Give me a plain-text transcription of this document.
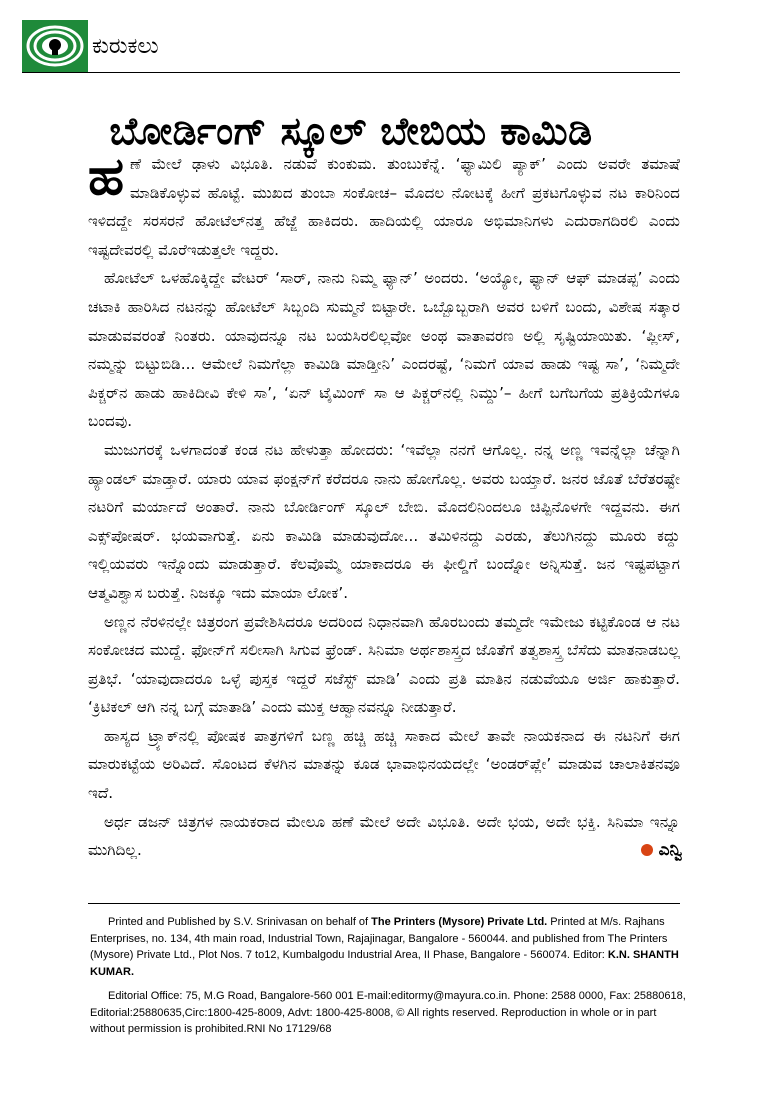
ಕುರುಕಲು
ಬೋರ್ಡಿಂಗ್ ಸ್ಕೂಲ್ ಬೇಬಿಯ ಕಾಮಿಡಿ

ಹಣೆ ಮೇಲೆ ಢಾಳು ವಿಭೂತಿ. ನಡುವೆ ಕುಂಕುಮ. ತುಂಬುಕೆನ್ನೆ. ‘ಫ್ಯಾಮಿಲಿ ಪ್ಯಾಕ್’ ಎಂದು ಅವರೇ ತಮಾಷೆ ಮಾಡಿಕೊಳ್ಳುವ ಹೊಟ್ಟೆ. ಮುಖದ ತುಂಬಾ ಸಂಕೋಚ– ಮೊದಲ ನೋಟಕ್ಕೆ ಹೀಗೆ ಪ್ರಕಟಗೊಳ್ಳುವ ನಟ ಕಾರಿನಿಂದ ಇಳಿದದ್ದೇ ಸರಸರನೆ ಹೋಟೆಲ್‌ನತ್ತ ಹೆಜ್ಜೆ ಹಾಕಿದರು. ಹಾದಿಯಲ್ಲಿ ಯಾರೂ ಅಭಿಮಾನಿಗಳು ಎದುರಾಗದಿರಲಿ ಎಂದು ಇಷ್ಟದೇವರಲ್ಲಿ ಮೊರೆಇಡುತ್ತಲೇ ಇದ್ದರು.

ಹೋಟೆಲ್ ಒಳಹೊಕ್ಕಿದ್ದೇ ವೇಟರ್ ‘ಸಾರ್, ನಾನು ನಿಮ್ಮ ಫ್ಯಾನ್’ ಅಂದರು. ‘ಅಯ್ಯೋ, ಫ್ಯಾನ್ ಆಫ್ ಮಾಡಪ್ಪ’ ಎಂದು ಚಟಾಕಿ ಹಾರಿಸಿದ ನಟನನ್ನು ಹೋಟೆಲ್ ಸಿಬ್ಬಂದಿ ಸುಮ್ಮನೆ ಬಿಟ್ಟಾರೇ. ಒಬ್ಬೊಬ್ಬರಾಗಿ ಅವರ ಬಳಿಗೆ ಬಂದು, ವಿಶೇಷ ಸತ್ಕಾರ ಮಾಡುವವರಂತೆ ನಿಂತರು. ಯಾವುದನ್ನೂ ನಟ ಬಯಸಿರಲಿಲ್ಲವೋ ಅಂಥ ವಾತಾವರಣ ಅಲ್ಲಿ ಸೃಷ್ಟಿಯಾಯಿತು. ‘ಪ್ಲೀಸ್, ನಮ್ಮನ್ನು ಬಿಟ್ಟುಬಿಡಿ... ಆಮೇಲೆ ನಿಮಗೆಲ್ಲಾ ಕಾಮಿಡಿ ಮಾಡ್ತೀನಿ’ ಎಂದರಷ್ಟೆ, ‘ನಿಮಗೆ ಯಾವ ಹಾಡು ಇಷ್ಟ ಸಾ’, ‘ನಿಮ್ಮದೇ ಪಿಕ್ಚರ್‌ನ ಹಾಡು ಹಾಕಿದೀವಿ ಕೇಳಿ ಸಾ’, ‘ಏನ್ ಟೈಮಿಂಗ್ ಸಾ ಆ ಪಿಕ್ಚರ್‌ನಲ್ಲಿ ನಿಮ್ದು’– ಹೀಗೆ ಬಗೆಬಗೆಯ ಪ್ರತಿಕ್ರಿಯೆಗಳೂ ಬಂದವು.

ಮುಜುಗರಕ್ಕೆ ಒಳಗಾದಂತೆ ಕಂಡ ನಟ ಹೇಳುತ್ತಾ ಹೋದರು: ‘ಇವೆಲ್ಲಾ ನನಗೆ ಆಗೊಲ್ಲ. ನನ್ನ ಅಣ್ಣ ಇವನ್ನೆಲ್ಲಾ ಚೆನ್ನಾಗಿ ಹ್ಯಾಂಡಲ್ ಮಾಡ್ತಾರೆ. ಯಾರು ಯಾವ ಫಂಕ್ಷನ್‌ಗೆ ಕರೆದರೂ ನಾನು ಹೋಗೊಲ್ಲ. ಅವರು ಬಯ್ತಾರೆ. ಜನರ ಜೊತೆ ಬೆರೆತರಷ್ಟೇ ನಟರಿಗೆ ಮರ್ಯಾದೆ ಅಂತಾರೆ. ನಾನು ಬೋರ್ಡಿಂಗ್ ಸ್ಕೂಲ್ ಬೇಬಿ. ಮೊದಲಿನಿಂದಲೂ ಚಿಪ್ಪಿನೊಳಗೇ ಇದ್ದವನು. ಈಗ ಎಕ್ಸ್‌ಪೋಷರ್. ಭಯವಾಗುತ್ತೆ. ಏನು ಕಾಮಿಡಿ ಮಾಡುವುದೋ... ತಮಿಳಿನದ್ದು ಎರಡು, ತೆಲುಗಿನದ್ದು ಮೂರು ಕದ್ದು ಇಲ್ಲಿಯವರು ಇನ್ನೊಂದು ಮಾಡುತ್ತಾರೆ. ಕೆಲವೊಮ್ಮೆ ಯಾಕಾದರೂ ಈ ಫೀಲ್ಡಿಗೆ ಬಂದ್ನೋ ಅನ್ನಿಸುತ್ತೆ. ಜನ ಇಷ್ಟಪಟ್ಟಾಗ ಆತ್ಮವಿಶ್ವಾಸ ಬರುತ್ತೆ. ನಿಜಕ್ಕೂ ಇದು ಮಾಯಾ ಲೋಕ’.

ಅಣ್ಣನ ನೆರಳಿನಲ್ಲೇ ಚಿತ್ರರಂಗ ಪ್ರವೇಶಿಸಿದರೂ ಅದರಿಂದ ನಿಧಾನವಾಗಿ ಹೊರಬಂದು ತಮ್ಮದೇ ಇಮೇಜು ಕಟ್ಟಿಕೊಂಡ ಆ ನಟ ಸಂಕೋಚದ ಮುದ್ದೆ. ಫೋನ್‌ಗೆ ಸಲೀಸಾಗಿ ಸಿಗುವ ಫ್ರೆಂಡ್. ಸಿನಿಮಾ ಅರ್ಥಶಾಸ್ತ್ರದ ಜೊತೆಗೆ ತತ್ವಶಾಸ್ತ್ರ ಬೆಸೆದು ಮಾತನಾಡಬಲ್ಲ ಪ್ರತಿಭೆ. ‘ಯಾವುದಾದರೂ ಒಳ್ಳೆ ಪುಸ್ತಕ ಇದ್ದರೆ ಸಜೆಸ್ಟ್ ಮಾಡಿ’ ಎಂದು ಪ್ರತಿ ಮಾತಿನ ನಡುವೆಯೂ ಅರ್ಜಿ ಹಾಕುತ್ತಾರೆ. ‘ಕ್ರಿಟಿಕಲ್ ಆಗಿ ನನ್ನ ಬಗ್ಗೆ ಮಾತಾಡಿ’ ಎಂದು ಮುಕ್ತ ಆಹ್ವಾನವನ್ನೂ ನೀಡುತ್ತಾರೆ.

ಹಾಸ್ಯದ ಟ್ರ್ಯಾಕ್‌ನಲ್ಲಿ ಪೋಷಕ ಪಾತ್ರಗಳಿಗೆ ಬಣ್ಣ ಹಚ್ಚಿ ಹಚ್ಚಿ ಸಾಕಾದ ಮೇಲೆ ತಾವೇ ನಾಯಕನಾದ ಈ ನಟನಿಗೆ ಈಗ ಮಾರುಕಟ್ಟೆಯ ಅರಿವಿದೆ. ಸೊಂಟದ ಕೆಳಗಿನ ಮಾತನ್ನು ಕೂಡ ಭಾವಾಭಿನಯದಲ್ಲೇ ‘ಅಂಡರ್‌ಪ್ಲೇ’ ಮಾಡುವ ಚಾಲಾಕಿತನವೂ ಇದೆ.

ಅರ್ಧ ಡಜನ್ ಚಿತ್ರಗಳ ನಾಯಕರಾದ ಮೇಲೂ ಹಣೆ ಮೇಲೆ ಅದೇ ವಿಭೂತಿ. ಅದೇ ಭಯ, ಅದೇ ಭಕ್ತಿ. ಸಿನಿಮಾ ಇನ್ನೂ ಮುಗಿದಿಲ್ಲ.	ಎನ್ವಿ

Printed and Published by S.V. Srinivasan on behalf of The Printers (Mysore) Private Ltd. Printed at M/s. Rajhans Enterprises, no. 134, 4th main road, Industrial Town, Rajajinagar, Bangalore - 560044. and published from The Printers (Mysore) Private Ltd., Plot Nos. 7 to12, Kumbalgodu Industrial Area, II Phase, Bangalore - 560074. Editor: K.N. SHANTH KUMAR.

Editorial Office: 75, M.G Road, Bangalore-560 001 E-mail:editormy@mayura.co.in. Phone: 2588 0000, Fax: 25880618, Editorial:25880635,Circ:1800-425-8009, Advt: 1800-425-8008, © All rights reserved. Reproduction in whole or in part without permission is prohibited.RNI No 17129/68
